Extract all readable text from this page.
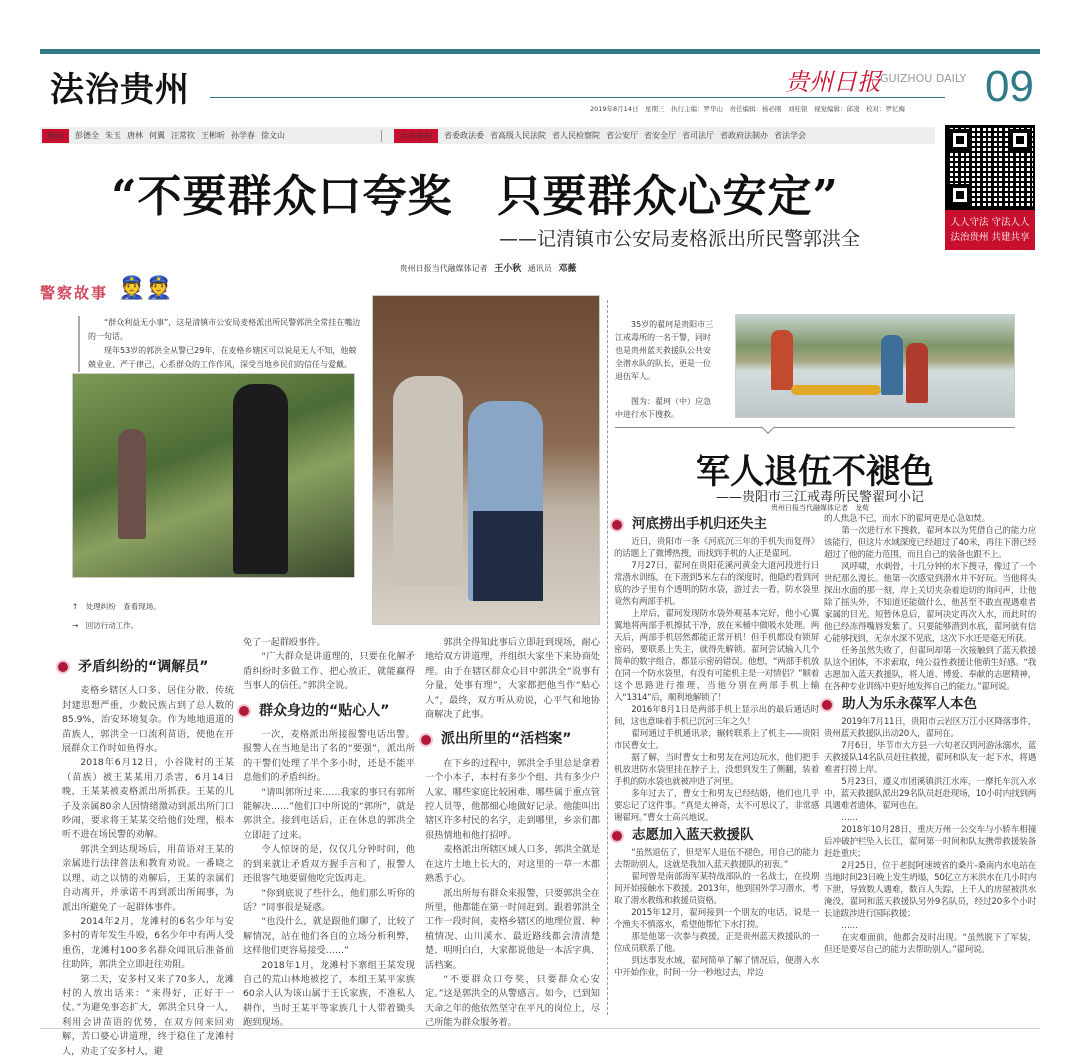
法治贵州	贵州日报 GUIZHOU DAILY 09
2019年8月14日　星期三　执行主编：罗华山　责任编辑：杨必刚　刘桂银　视觉编辑：邱凌　校对：罗忆梅
顾问	彭德全 朱玉 唐林 何翼 汪常钦 王彬昕 孙学春 徐文山	合办单位	省委政法委 省高级人民法院 省人民检察院 省公安厅 省安全厅 省司法厅 省政府法制办 省法学会
人人守法 守法人人
法治贵州 共建共享
“不要群众口夸奖　只要群众心安定”
——记清镇市公安局麦格派出所民警郭洪全
贵州日报当代融媒体记者 王小秋 通讯员 邓薇
警察故事 👮👮

“群众利益无小事”，这是清镇市公安局麦格派出所民警郭洪全常挂在嘴边的一句话。

现年53岁的郭洪全从警已29年，在麦格乡辖区可以说是无人不知，他兢兢业业、严于律己，心系群众的工作作风，深受当地乡民们的信任与爱戴。

↑　处理纠纷　查看现场。
→　回访行动工作。
矛盾纠纷的“调解员”

麦格乡辖区人口多、居住分散、传统封建思想严重，少数民族占到了总人数的85.9%，治安环境复杂。作为地地道道的苗族人，郭洪全一口流利苗语，使他在开展群众工作时如鱼得水。

2018年6月12日，小谷陇村的王某（苗族）被王某某用刀杀害，6月14日晚，王某某被麦格派出所抓获。王某的儿子及亲属80余人因情绪激动到派出所门口吵闹，要求将王某某交给他们处理，根本听不进在场民警的劝解。

郭洪全到达现场后，用苗语对王某的亲属进行法律普法和教育劝说。一番晓之以理、动之以情的劝解后，王某的亲属们自动离开，并承诺不再到派出所闹事，为派出所避免了一起群体事件。

2014年2月，龙滩村的6名少年与安多村的青年发生斗殴，6名少年中有两人受重伤，龙滩村100多名群众闻讯后准备前往助阵，郭洪全立即赶往劝阻。

第二天，安多村又来了70多人，龙滩村的人放出话来：“来得好，正好干一仗。”为避免事态扩大，郭洪全只身一人，利用会讲苗语的优势，在双方间来回劝解，苦口婆心讲道理，终于稳住了龙滩村人，劝走了安多村人，避

免了一起群殴事件。

“广大群众是讲道理的，只要在化解矛盾纠纷时多做工作、把心放正，就能赢得当事人的信任。”郭洪全说。

群众身边的“贴心人”

一次，麦格派出所接报警电话出警。报警人在当地是出了名的“要强”，派出所的干警们处理了半个多小时，还是不能平息他们的矛盾纠纷。

“请叫郭所过来……我家的事只有郭所能解决……”他们口中所说的“郭所”，就是郭洪全。接到电话后，正在休息的郭洪全立即赶了过来。

令人惊讶的是，仅仅几分钟时间，他的到来就让矛盾双方握手言和了，报警人还很客气地要留他吃完饭再走。

“你到底说了些什么，他们那么听你的话？”同事很是疑惑。

“也没什么，就是跟他们聊了，比较了解情况，站在他们各自的立场分析利弊，这样他们更容易接受……”

2018年1月，龙滩村下寨组王某发现自己的荒山林地被挖了，本组王某平家族60余人认为该山属于王氏家族，不准私人耕作，当时王某平等家族几十人带着锄头跑到现场。

郭洪全得知此事后立即赶到现场，耐心地给双方讲道理，并组织大家坐下来协商处理。由于在辖区群众心目中郭洪全“说事有分量，处事有理”，大家都把他当作“贴心人”，最终，双方听从劝说，心平气和地协商解决了此事。

派出所里的“活档案”

在下乡的过程中，郭洪全手里总是拿着一个小本子，本村有多少个组、共有多少户人家、哪些家庭比较困难、哪些属于重点管控人员等，他都细心地做好记录。他能叫出辖区许多村民的名字，走到哪里，乡亲们都很热情地和他打招呼。

麦格派出所辖区域人口多，郭洪全就是在这片土地上长大的，对这里的一草一木都熟悉于心。

派出所每有群众来报警，只要郭洪全在所里，他都能在第一时间赶到。跟着郭洪全工作一段时间，麦格乡辖区的地理位置、种植情况、山川溪水、最近路线都会清清楚楚、明明白白，大家都说他是一本活字典、活档案。

“不要群众口夸奖，只要群众心安定。”这是郭洪全的从警感言。如今，已到知天命之年的他依然坚守在平凡的岗位上，尽己所能为群众服务着。

35岁的翟珂是贵阳市三江戒毒所的一名干警，同时也是贵州蓝天救援队公共安全潜水队的队长，更是一位退伍军人。
图为：翟珂（中）应急中进行水下搜救。
军人退伍不褪色
——贵阳市三江戒毒所民警翟珂小记
贵州日报当代融媒体记者　龙荀
河底捞出手机归还失主

近日，贵阳市一条《河底沉三年的手机失而复得》的话题上了微博热搜，而找到手机的人正是翟珂。

7月27日，翟珂在贵阳花溪河黄金大道河段进行日常潜水训练，在下潜到5米左右的深度时，他隐约看到河底的沙子里有个透明的防水袋，游过去一看，防水袋里竟然有两部手机。

上岸后，翟珂发现防水袋外观基本完好，他小心翼翼地将两部手机擦拭干净，放在米桶中做吸水处理。两天后，两部手机居然都能正常开机！但手机都设有锁屏密码，要联系上失主，就得先解锁。翟珂尝试输入几个简单的数字组合，都显示密码错误。他想，“两部手机放在同一个防水袋里，有没有可能机主是一对情侣？”顺着这个思路进行推理，当他分别在两部手机上输入“1314”后，顺利地解锁了！

2016年8月1日是两部手机上显示出的最后通话时间，这也意味着手机已沉河三年之久！

翟珂通过手机通讯录，辗转联系上了机主——贵阳市民曹女士。

据了解，当时曹女士和男友在河边玩水，他们把手机放进防水袋里挂在脖子上，没想到发生了侧翻，装着手机的防水袋也就被冲进了河里。

多年过去了，曹女士和男友已经结婚，他们也几乎要忘记了这件事。“真是太神奇，太不可思议了，非常感谢翟珂。”曹女士高兴地说。

志愿加入蓝天救援队

“虽然退伍了，但是军人退伍不褪色，用自己的能力去帮助别人，这就是我加入蓝天救援队的初衷。”

翟珂曾是南部海军某特战部队的一名战士，在役期间开始接触水下救援。2013年，他到国外学习潜水，考取了潜水教练和救援员资格。

2015年12月，翟珂接到一个朋友的电话，说是一个渔夫不慎落水，希望他帮忙下水打捞。

那是他第一次参与救援，正是贵州蓝天救援队的一位成员联系了他。

到达事发水域，翟珂简单了解了情况后，便潜入水中开始作业，时间一分一秒地过去，岸边

的人焦急不已，而水下的翟珂更是心急如焚。

第一次进行水下搜救，翟珂本以为凭借自己的能力应该能行，但这片水域深度已经超过了40米，再往下潜已经超过了他的能力范围，而且自己的装备也跟不上。

风呼啸，水刺骨，十几分钟的水下搜寻，像过了一个世纪那么漫长。他第一次感觉到潜水并不好玩。当他将头探出水面的那一刻，岸上关切夹杂着迫切的询问声，让他除了摇头外，不知道还能做什么，他甚至不敢直视遇难者家属的目光。短暂休息后，翟珂决定再次入水，而此时的他已经冻得嘴唇发紫了。只要能够潜到水底，翟珂就有信心能够找到，无奈水深不见底，这次下水还是毫无所获。

任务虽然失败了，但翟珂却第一次接触到了蓝天救援队这个团体，不求索取，纯公益性救援让他萌生好感。“我志愿加入蓝天救援队，将人道、博爱、奉献的志愿精神，在各种专业训练中更好地发挥自己的能力。”翟珂说。

助人为乐永葆军人本色

2019年7月11日，贵阳市云岩区万江小区降落事件，贵州蓝天救援队出动20人，翟珂在。

7月6日，毕节市大方县一六旬老汉到河游泳溺水，蓝天救援队14名队员赶往救援，翟珂和队友一起下水，将遇难者打捞上岸。

5月23日，遵义市团溪镇洪江水库，一摩托车沉入水中，蓝天救援队派出29名队员赶赴现场，10小时内找到两具遇难者遗体，翟珂也在。

……

2018年10月28日，重庆万州一公交车与小轿车相撞后冲破护栏坠入长江，翟珂第一时间和队友携带救援装备赶赴重庆；

2月25日，位于老挝阿速坡省的桑片-桑南内水电站在当地时间23日晚上发生坍塌，50亿立方米洪水在几小时内下泄，导致数人遇难，数百人失踪，上千人的房屋被洪水淹没，翟珂和蓝天救援队另外9名队员，经过20多个小时长途跋涉进行国际救援；

……

在灾难面前，他都会及时出现。“虽然脱下了军装，但还是要尽自己的能力去帮助别人。”翟珂说。
